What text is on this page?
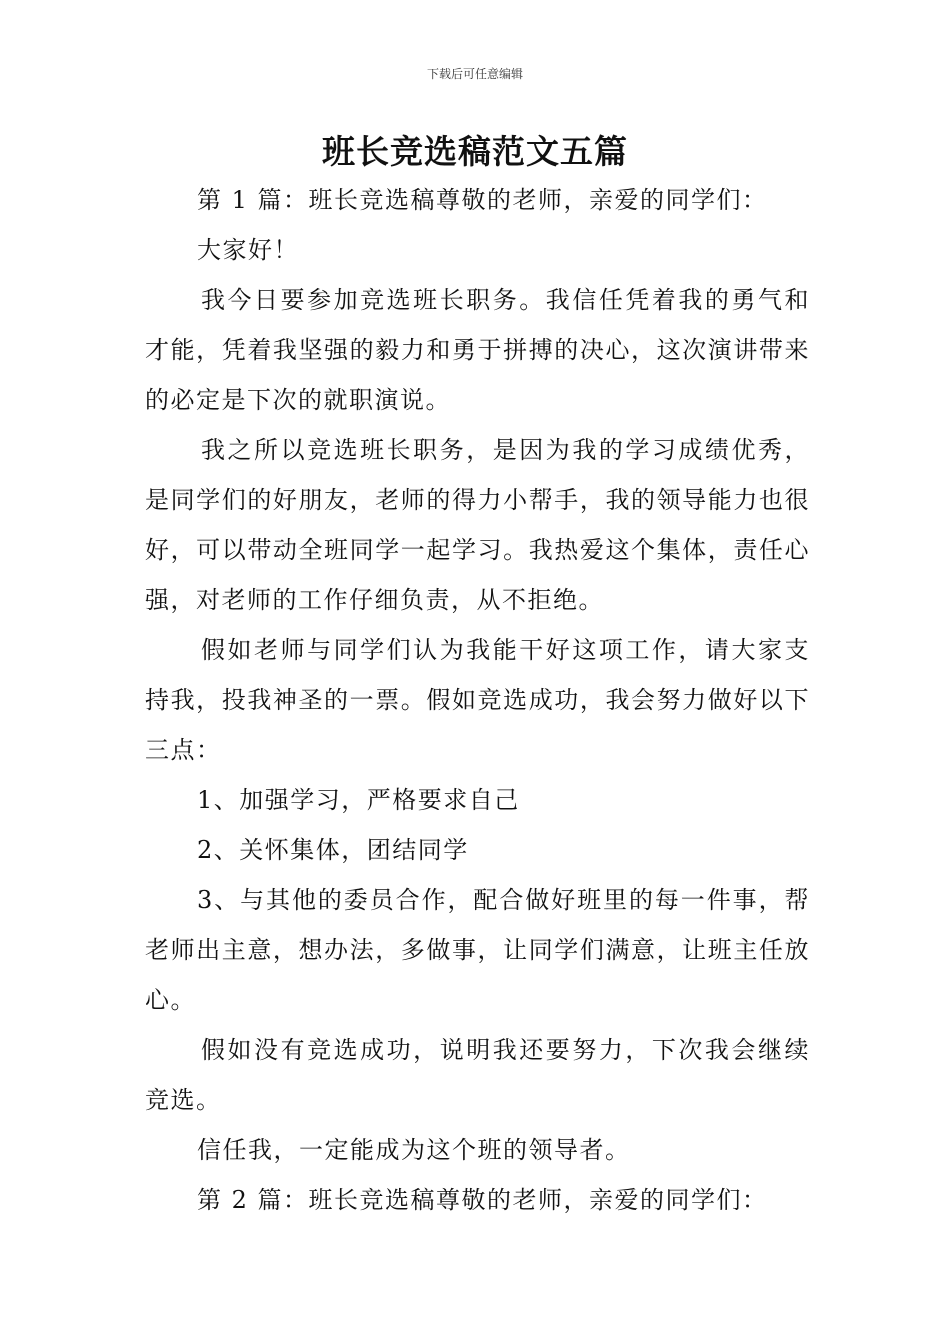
下载后可任意编辑
班长竞选稿范文五篇

第 1 篇：班长竞选稿尊敬的老师，亲爱的同学们：

大家好！

我今日要参加竞选班长职务。我信任凭着我的勇气和才能，凭着我坚强的毅力和勇于拼搏的决心，这次演讲带来的必定是下次的就职演说。

我之所以竞选班长职务，是因为我的学习成绩优秀，是同学们的好朋友，老师的得力小帮手，我的领导能力也很好，可以带动全班同学一起学习。我热爱这个集体，责任心强，对老师的工作仔细负责，从不拒绝。

假如老师与同学们认为我能干好这项工作，请大家支持我，投我神圣的一票。假如竞选成功，我会努力做好以下三点：

1、加强学习，严格要求自己

2、关怀集体，团结同学

3、与其他的委员合作，配合做好班里的每一件事，帮老师出主意，想办法，多做事，让同学们满意，让班主任放心。

假如没有竞选成功，说明我还要努力，下次我会继续竞选。

信任我，一定能成为这个班的领导者。

第 2 篇：班长竞选稿尊敬的老师，亲爱的同学们：
